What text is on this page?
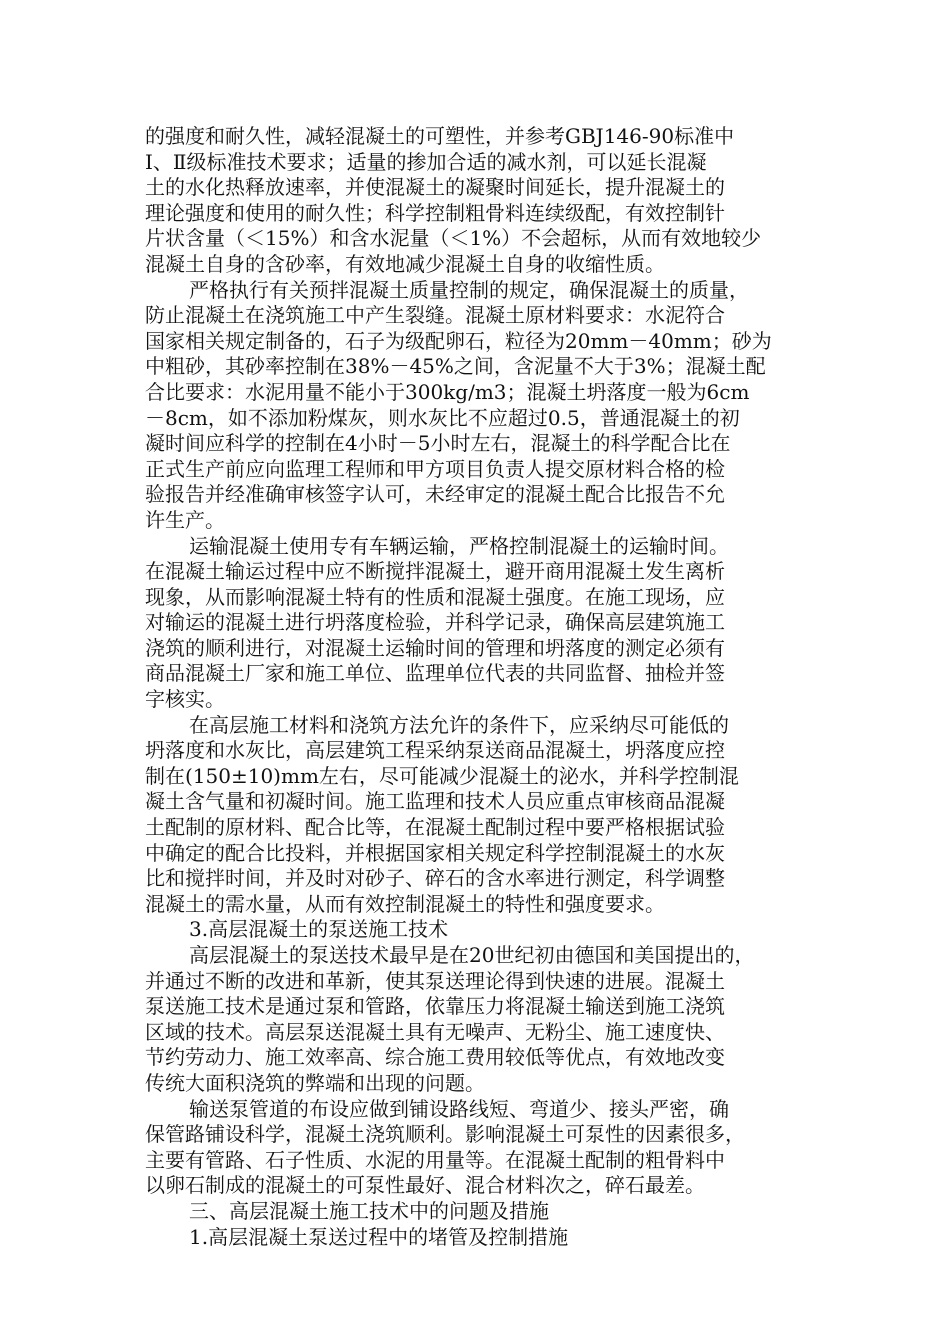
的强度和耐久性，减轻混凝土的可塑性，并参考GBJ146-90标准中
Ⅰ、Ⅱ级标准技术要求；适量的掺加合适的减水剂，可以延长混凝
土的水化热释放速率，并使混凝土的凝聚时间延长，提升混凝土的
理论强度和使用的耐久性；科学控制粗骨料连续级配，有效控制针
片状含量（＜15%）和含水泥量（＜1%）不会超标，从而有效地较少
混凝土自身的含砂率，有效地减少混凝土自身的收缩性质。
严格执行有关预拌混凝土质量控制的规定，确保混凝土的质量，
防止混凝土在浇筑施工中产生裂缝。混凝土原材料要求：水泥符合
国家相关规定制备的，石子为级配卵石，粒径为20mm－40mm；砂为
中粗砂，其砂率控制在38%－45%之间，含泥量不大于3%；混凝土配
合比要求：水泥用量不能小于300kg/m3；混凝土坍落度一般为6cm
－8cm，如不添加粉煤灰，则水灰比不应超过0.5，普通混凝土的初
凝时间应科学的控制在4小时－5小时左右，混凝土的科学配合比在
正式生产前应向监理工程师和甲方项目负责人提交原材料合格的检
验报告并经准确审核签字认可，未经审定的混凝土配合比报告不允
许生产。
运输混凝土使用专有车辆运输，严格控制混凝土的运输时间。
在混凝土输运过程中应不断搅拌混凝土，避开商用混凝土发生离析
现象，从而影响混凝土特有的性质和混凝土强度。在施工现场，应
对输运的混凝土进行坍落度检验，并科学记录，确保高层建筑施工
浇筑的顺利进行，对混凝土运输时间的管理和坍落度的测定必须有
商品混凝土厂家和施工单位、监理单位代表的共同监督、抽检并签
字核实。
在高层施工材料和浇筑方法允许的条件下，应采纳尽可能低的
坍落度和水灰比，高层建筑工程采纳泵送商品混凝土，坍落度应控
制在(150±10)mm左右，尽可能减少混凝土的泌水，并科学控制混
凝土含气量和初凝时间。施工监理和技术人员应重点审核商品混凝
土配制的原材料、配合比等，在混凝土配制过程中要严格根据试验
中确定的配合比投料，并根据国家相关规定科学控制混凝土的水灰
比和搅拌时间，并及时对砂子、碎石的含水率进行测定，科学调整
混凝土的需水量，从而有效控制混凝土的特性和强度要求。
3.高层混凝土的泵送施工技术
高层混凝土的泵送技术最早是在20世纪初由德国和美国提出的，
并通过不断的改进和革新，使其泵送理论得到快速的进展。混凝土
泵送施工技术是通过泵和管路，依靠压力将混凝土输送到施工浇筑
区域的技术。高层泵送混凝土具有无噪声、无粉尘、施工速度快、
节约劳动力、施工效率高、综合施工费用较低等优点，有效地改变
传统大面积浇筑的弊端和出现的问题。
输送泵管道的布设应做到铺设路线短、弯道少、接头严密，确
保管路铺设科学，混凝土浇筑顺利。影响混凝土可泵性的因素很多，
主要有管路、石子性质、水泥的用量等。在混凝土配制的粗骨料中
以卵石制成的混凝土的可泵性最好、混合材料次之，碎石最差。
三、高层混凝土施工技术中的问题及措施
1.高层混凝土泵送过程中的堵管及控制措施
